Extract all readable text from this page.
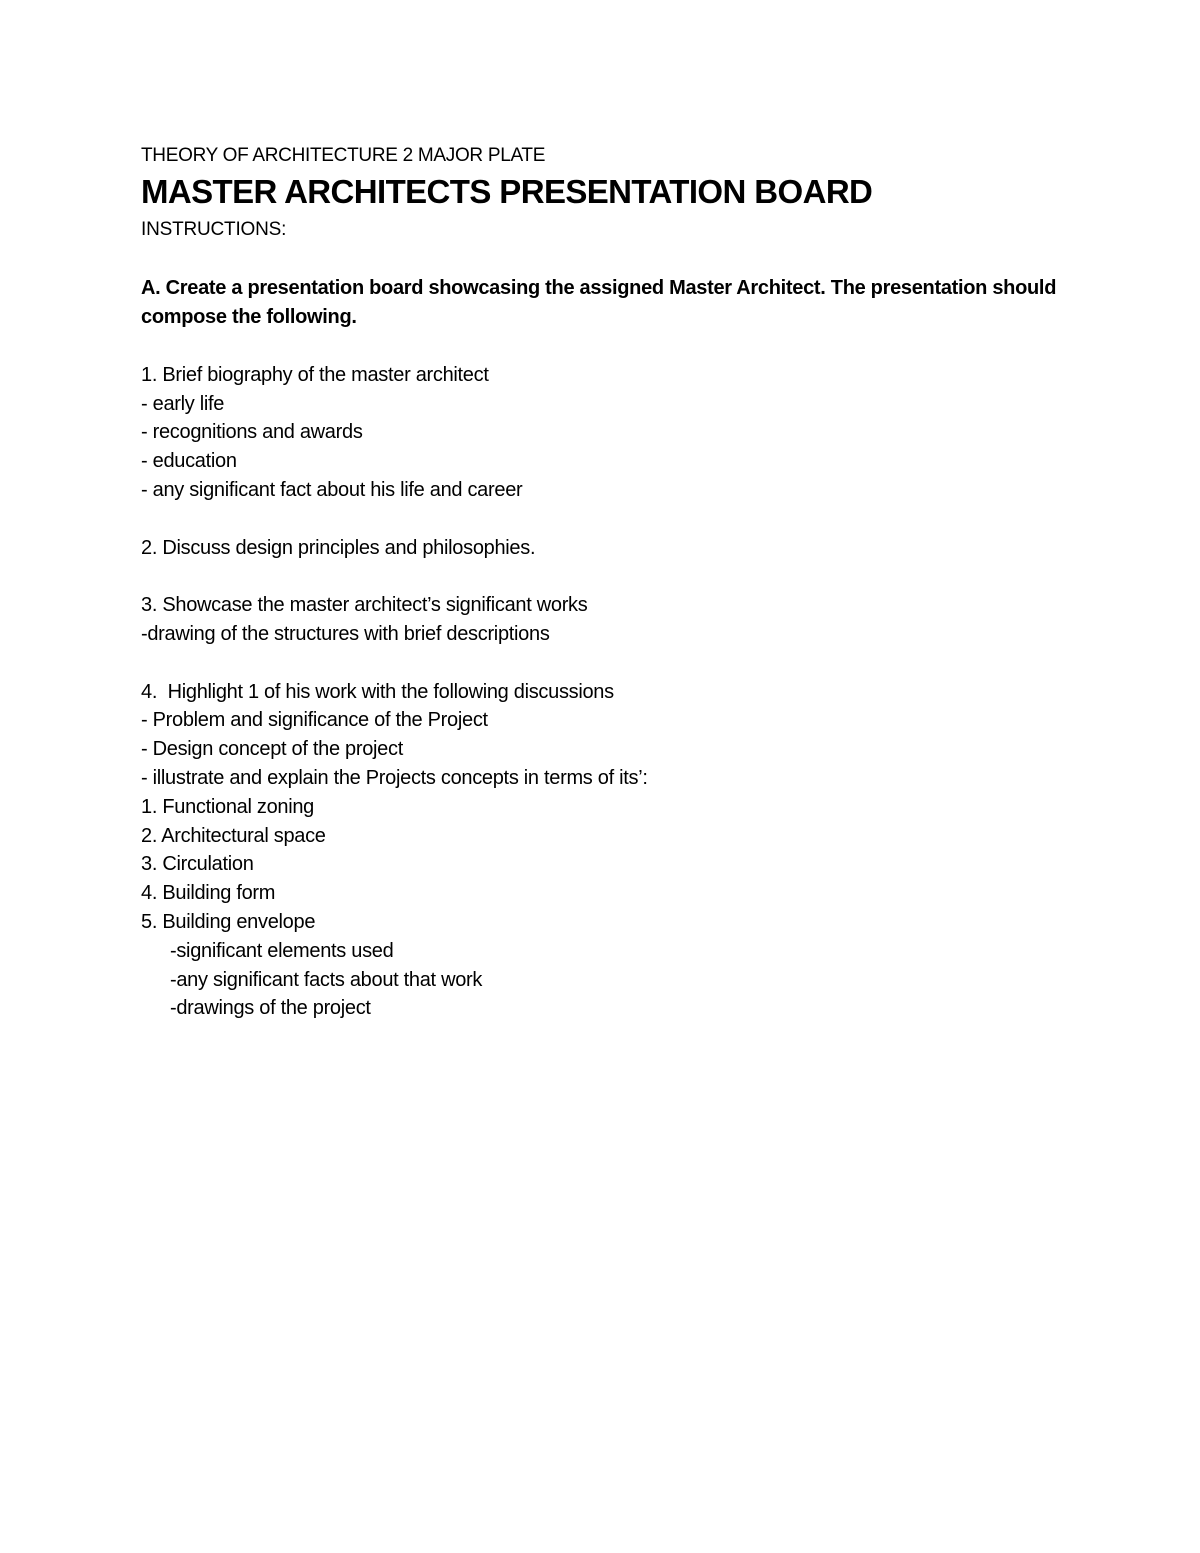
THEORY OF ARCHITECTURE 2 MAJOR PLATE

MASTER ARCHITECTS PRESENTATION BOARD

INSTRUCTIONS:

A. Create a presentation board showcasing the assigned Master Architect. The presentation should compose the following.

1. Brief biography of the master architect

- early life

- recognitions and awards

- education

- any significant fact about his life and career

2. Discuss design principles and philosophies.

3. Showcase the master architect’s significant works

-drawing of the structures with brief descriptions

4.  Highlight 1 of his work with the following discussions

- Problem and significance of the Project

- Design concept of the project

- illustrate and explain the Projects concepts in terms of its’:

1. Functional zoning

2. Architectural space

3. Circulation

4. Building form

5. Building envelope

-significant elements used

-any significant facts about that work

-drawings of the project
